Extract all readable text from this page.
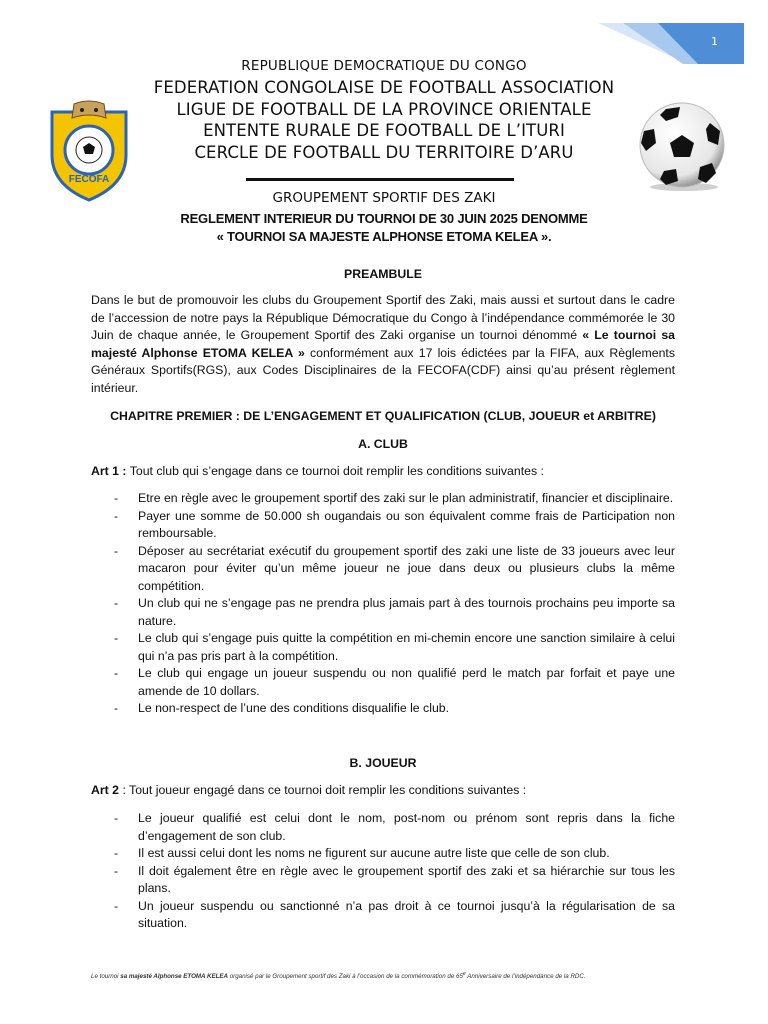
1
FECOFA
REPUBLIQUE DEMOCRATIQUE DU CONGO
FEDERATION CONGOLAISE DE FOOTBALL ASSOCIATION
LIGUE DE FOOTBALL DE LA PROVINCE ORIENTALE
ENTENTE RURALE DE FOOTBALL DE L’ITURI
CERCLE DE FOOTBALL DU TERRITOIRE D’ARU
GROUPEMENT SPORTIF DES ZAKI
REGLEMENT INTERIEUR DU TOURNOI DE 30 JUIN 2025 DENOMME
« TOURNOI SA MAJESTE ALPHONSE ETOMA KELEA ».
PREAMBULE
Dans le but de promouvoir les clubs du Groupement Sportif des Zaki, mais aussi et surtout dans le cadre de l’accession de notre pays la République Démocratique du Congo à l’indépendance commémorée le 30 Juin de chaque année, le Groupement Sportif des Zaki organise un tournoi dénommé « Le tournoi sa majesté Alphonse ETOMA KELEA » conformément aux 17 lois édictées par la FIFA, aux Règlements Généraux Sportifs(RGS), aux Codes Disciplinaires de la FECOFA(CDF) ainsi qu’au présent règlement intérieur.
CHAPITRE PREMIER : DE L’ENGAGEMENT ET QUALIFICATION (CLUB, JOUEUR et ARBITRE)
A. CLUB
Art 1 : Tout club qui s’engage dans ce tournoi doit remplir les conditions suivantes :
- Etre en règle avec le groupement sportif des zaki sur le plan administratif, financier et disciplinaire.
- Payer une somme de 50.000 sh ougandais ou son équivalent comme frais de Participation non remboursable.
- Déposer au secrétariat exécutif du groupement sportif des zaki une liste de 33 joueurs avec leur macaron pour éviter qu’un même joueur ne joue dans deux ou plusieurs clubs la même compétition.
- Un club qui ne s’engage pas ne prendra plus jamais part à des tournois prochains peu importe sa nature.
- Le club qui s’engage puis quitte la compétition en mi-chemin encore une sanction similaire à celui qui n’a pas pris part à la compétition.
- Le club qui engage un joueur suspendu ou non qualifié perd le match par forfait et paye une amende de 10 dollars.
- Le non-respect de l’une des conditions disqualifie le club.
B. JOUEUR
Art 2 : Tout joueur engagé dans ce tournoi doit remplir les conditions suivantes :
- Le joueur qualifié est celui dont le nom, post-nom ou prénom sont repris dans la fiche d’engagement de son club.
- Il est aussi celui dont les noms ne figurent sur aucune autre liste que celle de son club.
- Il doit également être en règle avec le groupement sportif des zaki et sa hiérarchie sur tous les plans.
- Un joueur suspendu ou sanctionné n’a pas droit à ce tournoi jusqu’à la régularisation de sa situation.
Le tournoi sa majesté Alphonse ETOMA KELEA organisé par le Groupement sportif des Zaki à l’occasion de la commémoration de 65e Anniversaire de l’indépendance de la RDC.
